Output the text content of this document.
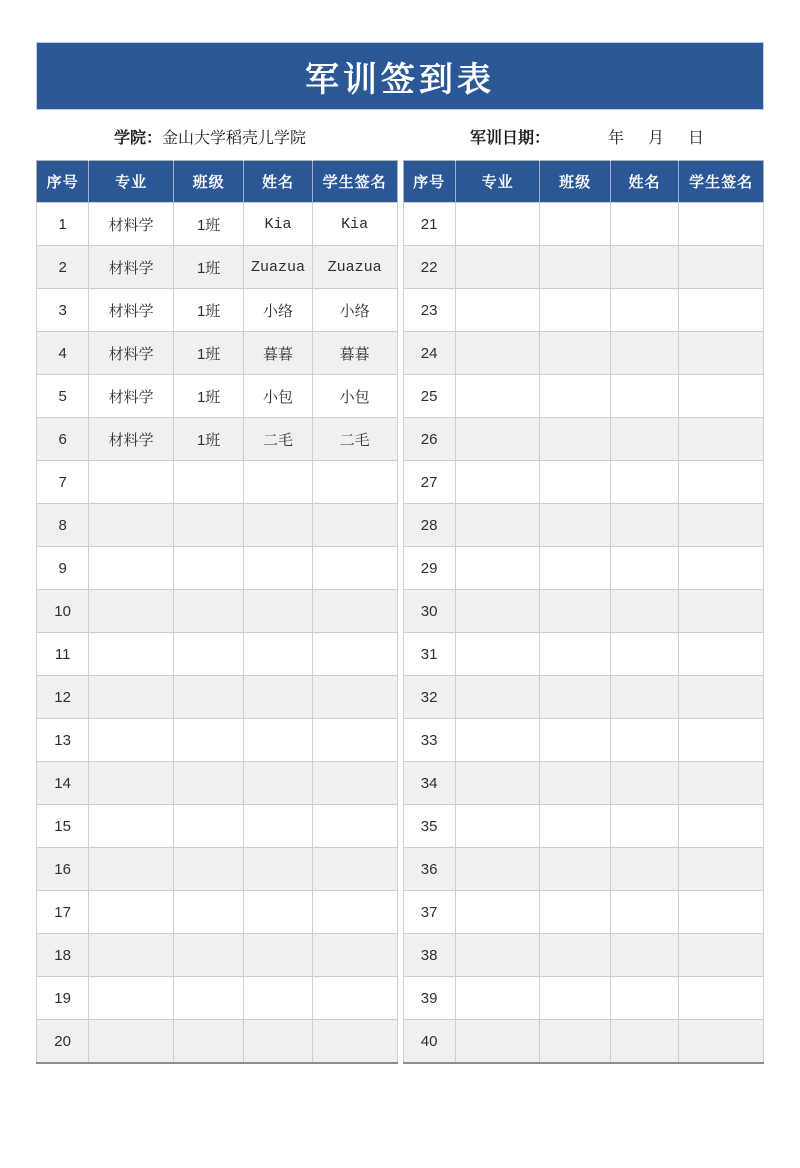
军训签到表
学院：金山大学稻壳儿学院	军训日期：	年 月 日
序号	专业	班级	姓名	学生签名
1	材料学	1班	Kia	Kia
2	材料学	1班	Zuazua	Zuazua
3	材料学	1班	小络	小络
4	材料学	1班	暮暮	暮暮
5	材料学	1班	小包	小包
6	材料学	1班	二毛	二毛
7				
8				
9				
10				
11				
12				
13				
14				
15				
16				
17				
18				
19				
20				
序号	专业	班级	姓名	学生签名
21				
22				
23				
24				
25				
26				
27				
28				
29				
30				
31				
32				
33				
34				
35				
36				
37				
38				
39				
40				
